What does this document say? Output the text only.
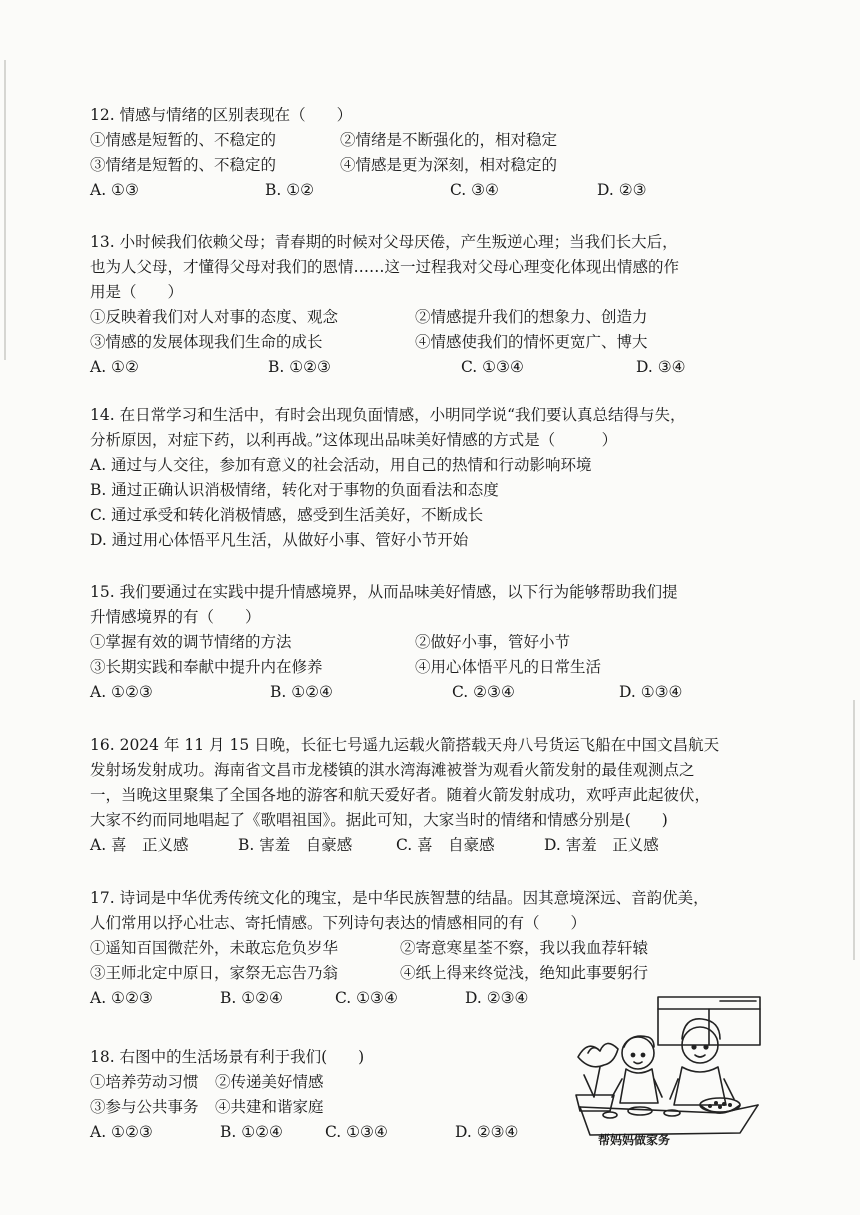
12. 情感与情绪的区别表现在（　　）
①情感是短暂的、不稳定的	②情绪是不断强化的，相对稳定
③情绪是短暂的、不稳定的	④情感是更为深刻，相对稳定的
A. ①③	B. ①②	C. ③④	D. ②③
13. 小时候我们依赖父母；青春期的时候对父母厌倦，产生叛逆心理；当我们长大后，
也为人父母，才懂得父母对我们的恩情……这一过程我对父母心理变化体现出情感的作
用是（　　）
①反映着我们对人对事的态度、观念	②情感提升我们的想象力、创造力
③情感的发展体现我们生命的成长	④情感使我们的情怀更宽广、博大
A. ①②	B. ①②③	C. ①③④	D. ③④
14. 在日常学习和生活中，有时会出现负面情感，小明同学说“我们要认真总结得与失，
分析原因，对症下药，以利再战。”这体现出品味美好情感的方式是（　　　）
A. 通过与人交往，参加有意义的社会活动，用自己的热情和行动影响环境
B. 通过正确认识消极情绪，转化对于事物的负面看法和态度
C. 通过承受和转化消极情感，感受到生活美好，不断成长
D. 通过用心体悟平凡生活，从做好小事、管好小节开始
15. 我们要通过在实践中提升情感境界，从而品味美好情感，以下行为能够帮助我们提
升情感境界的有（　　）
①掌握有效的调节情绪的方法	②做好小事，管好小节
③长期实践和奉献中提升内在修养	④用心体悟平凡的日常生活
A. ①②③	B. ①②④	C. ②③④	D. ①③④
16. 2024 年 11 月 15 日晚，长征七号遥九运载火箭搭载天舟八号货运飞船在中国文昌航天
发射场发射成功。海南省文昌市龙楼镇的淇水湾海滩被誉为观看火箭发射的最佳观测点之
一，当晚这里聚集了全国各地的游客和航天爱好者。随着火箭发射成功，欢呼声此起彼伏，
大家不约而同地唱起了《歌唱祖国》。据此可知，大家当时的情绪和情感分别是(　　)
A. 喜　正义感	B. 害羞　自豪感	C. 喜　自豪感	D. 害羞　正义感
17. 诗词是中华优秀传统文化的瑰宝，是中华民族智慧的结晶。因其意境深远、音韵优美，
人们常用以抒心壮志、寄托情感。下列诗句表达的情感相同的有（　　）
①遥知百国微茫外，未敢忘危负岁华	②寄意寒星荃不察，我以我血荐轩辕
③王师北定中原日，家祭无忘告乃翁	④纸上得来终觉浅，绝知此事要躬行
A. ①②③	B. ①②④	C. ①③④	D. ②③④
18. 右图中的生活场景有利于我们(　　)
①培养劳动习惯	②传递美好情感
③参与公共事务	④共建和谐家庭
A. ①②③	B. ①②④	C. ①③④	D. ②③④	帮妈妈做家务
